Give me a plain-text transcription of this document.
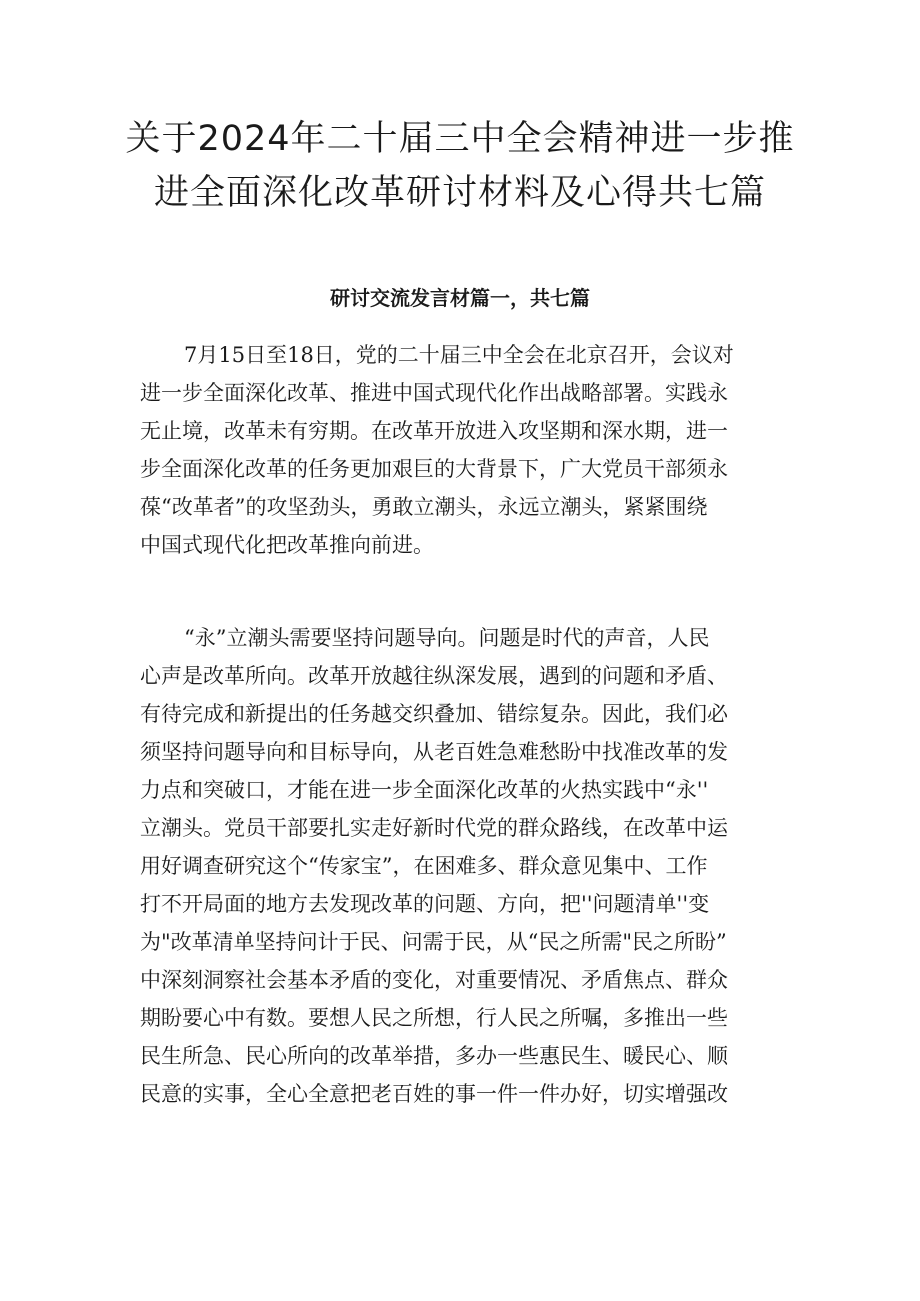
关于2024年二十届三中全会精神进一步推
进全面深化改革研讨材料及心得共七篇
研讨交流发言材篇一，共七篇
7月15日至18日，党的二十届三中全会在北京召开，会议对
进一步全面深化改革、推进中国式现代化作出战略部署。实践永
无止境，改革未有穷期。在改革开放进入攻坚期和深水期，进一
步全面深化改革的任务更加艰巨的大背景下，广大党员干部须永
葆“改革者”的攻坚劲头，勇敢立潮头，永远立潮头，紧紧围绕
中国式现代化把改革推向前进。
“永”立潮头需要坚持问题导向。问题是时代的声音，人民
心声是改革所向。改革开放越往纵深发展，遇到的问题和矛盾、
有待完成和新提出的任务越交织叠加、错综复杂。因此，我们必
须坚持问题导向和目标导向，从老百姓急难愁盼中找准改革的发
力点和突破口，才能在进一步全面深化改革的火热实践中“永''
立潮头。党员干部要扎实走好新时代党的群众路线，在改革中运
用好调查研究这个“传家宝”，在困难多、群众意见集中、工作
打不开局面的地方去发现改革的问题、方向，把''问题清单''变
为"改革清单坚持问计于民、问需于民，从“民之所需"民之所盼”
中深刻洞察社会基本矛盾的变化，对重要情况、矛盾焦点、群众
期盼要心中有数。要想人民之所想，行人民之所嘱，多推出一些
民生所急、民心所向的改革举措，多办一些惠民生、暖民心、顺
民意的实事，全心全意把老百姓的事一件一件办好，切实增强改
